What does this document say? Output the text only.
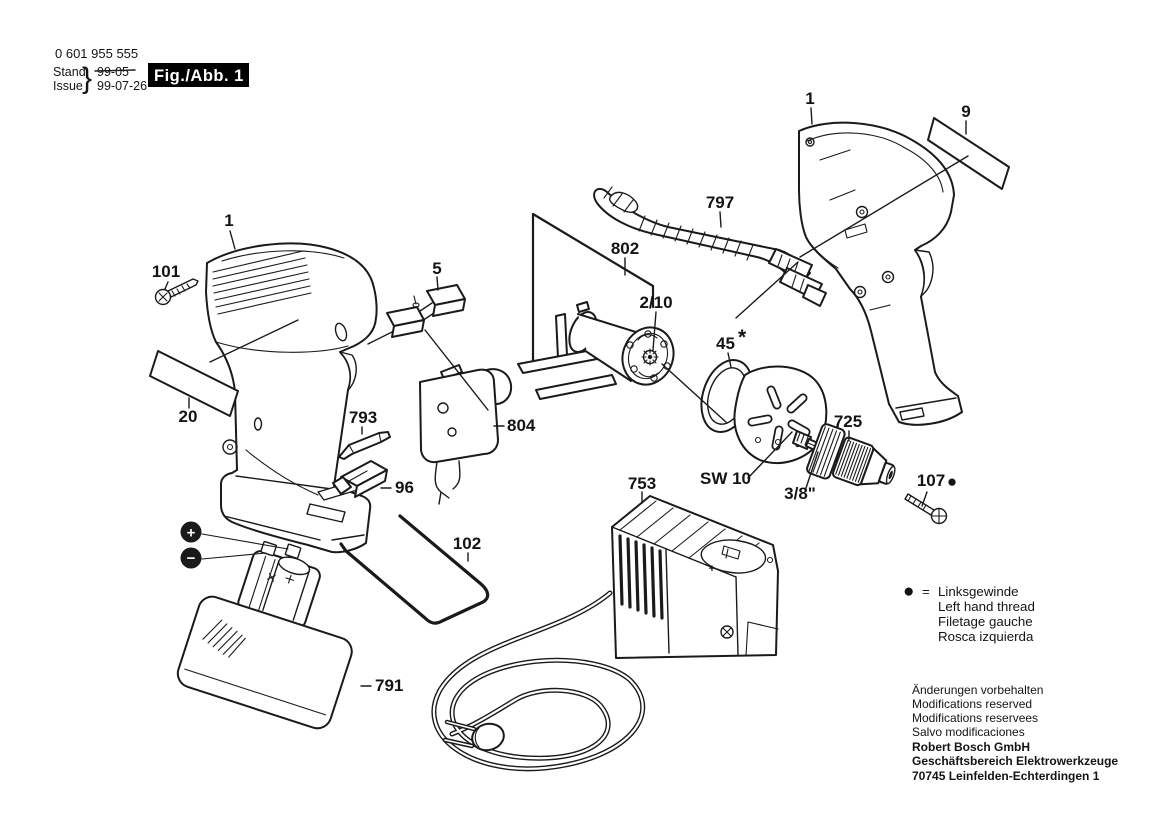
0 601 955 555
Stand
Issue } 99-05
99-07-26
Fig./Abb. 1
+
−
+
1
101
20
5
793
96
804
102
791
753
802
2/10
797
45 *
SW 10
3/8"
725
107 ●
1
9
● = Linksgewinde
Left hand thread
Filetage gauche
Rosca izquierda
Änderungen vorbehalten
Modifications reserved
Modifications reservees
Salvo modificaciones
Robert Bosch GmbH
Geschäftsbereich Elektrowerkzeuge
70745 Leinfelden-Echterdingen 1
